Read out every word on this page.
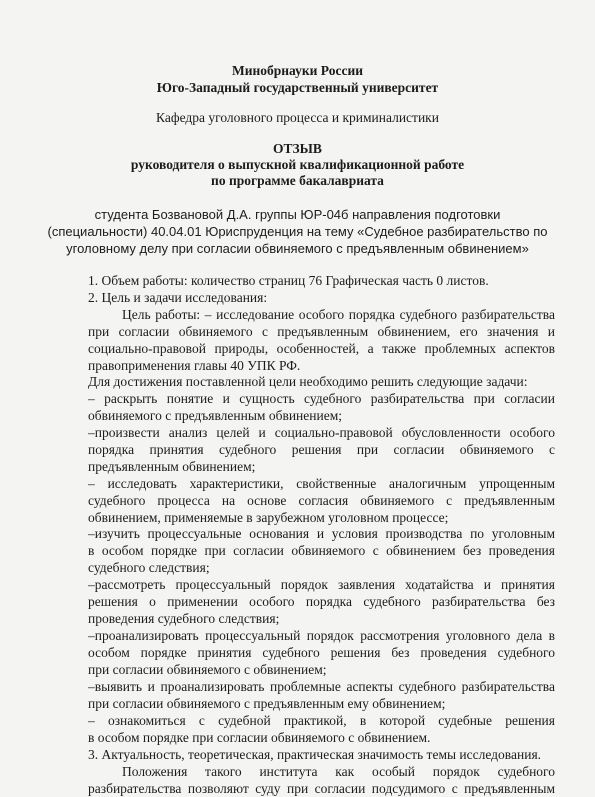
Минобрнауки России
Юго-Западный государственный университет
Кафедра уголовного процесса и криминалистики
ОТЗЫВ
руководителя о выпускной квалификационной работе
по программе бакалавриата
студента Бозвановой Д.А. группы ЮР-04б направления подготовки
(специальности) 40.04.01 Юриспруденция на тему «Судебное разбирательство по
уголовному делу при согласии обвиняемого с предъявленным обвинением»
1. Объем работы: количество страниц 76 Графическая часть 0 листов.
2. Цель и задачи исследования:
Цель работы: – исследование особого порядка судебного разбирательства
при согласии обвиняемого с предъявленным обвинением, его значения и
социально-правовой природы, особенностей, а также проблемных аспектов
правоприменения главы 40 УПК РФ.
Для достижения поставленной цели необходимо решить следующие задачи:
– раскрыть понятие и сущность судебного разбирательства при согласии
обвиняемого с предъявленным обвинением;
–произвести анализ целей и социально-правовой обусловленности особого
порядка принятия судебного решения при согласии обвиняемого с
предъявленным обвинением;
– исследовать характеристики, свойственные аналогичным упрощенным
судебного процесса на основе согласия обвиняемого с предъявленным
обвинением, применяемые в зарубежном уголовном процессе;
–изучить процессуальные основания и условия производства по уголовным
в особом порядке при согласии обвиняемого с обвинением без проведения
судебного следствия;
–рассмотреть процессуальный порядок заявления ходатайства и принятия
решения о применении особого порядка судебного разбирательства без
проведения судебного следствия;
–проанализировать процессуальный порядок рассмотрения уголовного дела в
особом порядке принятия судебного решения без проведения судебного
при согласии обвиняемого с обвинением;
–выявить и проанализировать проблемные аспекты судебного разбирательства
при согласии обвиняемого с предъявленным ему обвинением;
– ознакомиться с судебной практикой, в которой судебные решения
в особом порядке при согласии обвиняемого с обвинением.
3. Актуальность, теоретическая, практическая значимость темы исследования.
Положения такого института как особый порядок судебного
разбирательства позволяют суду при согласии подсудимого с предъявленным
